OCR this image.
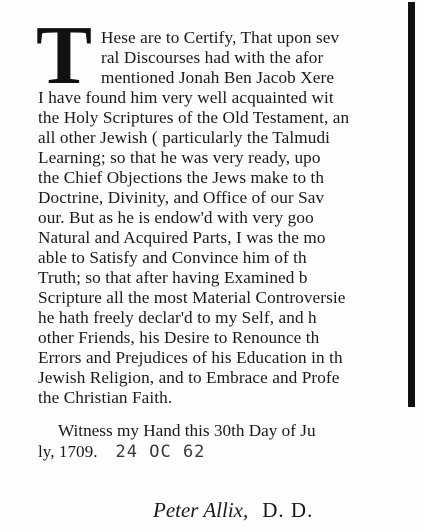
T Hese are to Certify, That upon sev
ral Discourses had with the afor
mentioned Jonah Ben Jacob Xere
I have found him very well acquainted wit
the Holy Scriptures of the Old Testament, an
all other Jewish ( particularly the Talmudi
Learning; so that he was very ready, upo
the Chief Objections the Jews make to th
Doctrine, Divinity, and Office of our Sav
our. But as he is endow'd with very goo
Natural and Acquired Parts, I was the mo
able to Satisfy and Convince him of th
Truth; so that after having Examined b
Scripture all the most Material Controversie
he hath freely declar'd to my Self, and h
other Friends, his Desire to Renounce th
Errors and Prejudices of his Education in th
Jewish Religion, and to Embrace and Profe
the Christian Faith.
Witness my Hand this 30th Day of Ju
ly, 1709. 24 OC 62
Peter Allix, D. D.
